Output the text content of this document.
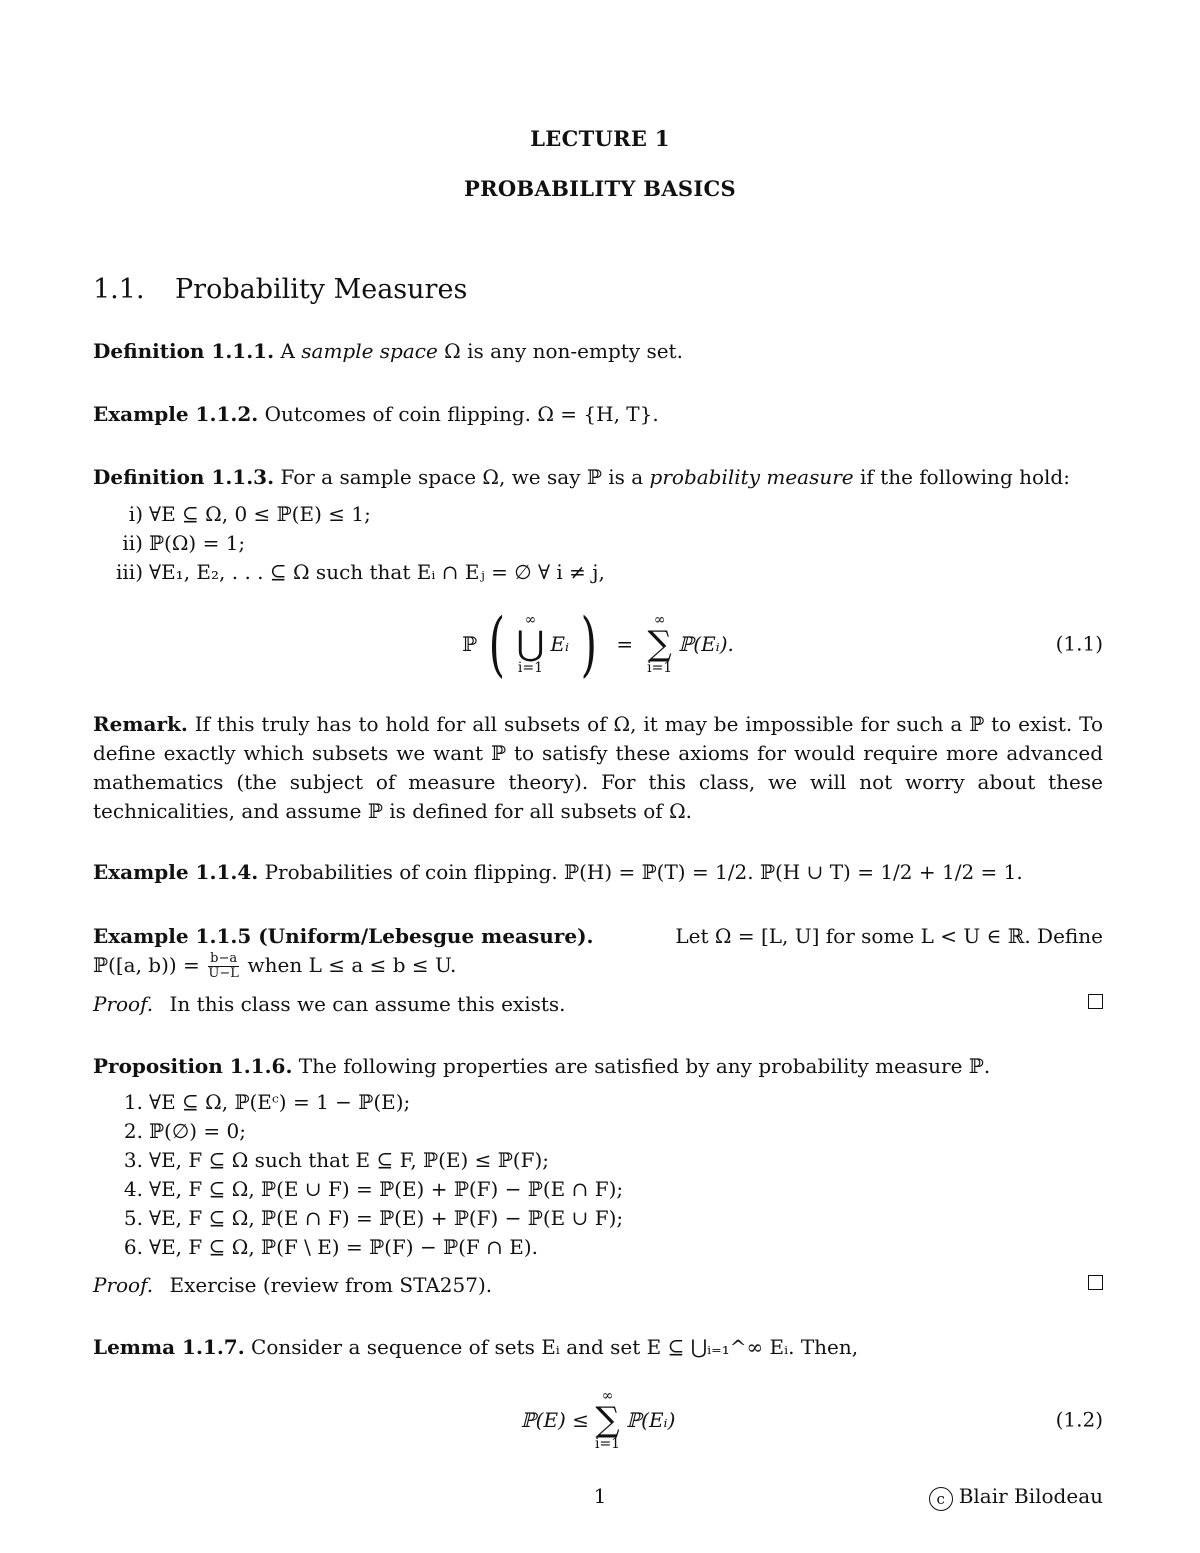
LECTURE 1
PROBABILITY BASICS
1.1. Probability Measures
Definition 1.1.1. A sample space Ω is any non-empty set.
Example 1.1.2. Outcomes of coin flipping. Ω = {H, T}.
Definition 1.1.3. For a sample space Ω, we say ℙ is a probability measure if the following hold:
i) ∀E ⊆ Ω, 0 ≤ ℙ(E) ≤ 1;
ii) ℙ(Ω) = 1;
iii) ∀E₁, E₂, . . . ⊆ Ω such that Eᵢ ∩ Eⱼ = ∅ ∀ i ≠ j,
ℙ ( ∞
⋃
i=1
Eᵢ ) =
∞
∑
i=1
ℙ(Eᵢ).	(1.1)
Remark. If this truly has to hold for all subsets of Ω, it may be impossible for such a ℙ to exist. To define exactly which subsets we want ℙ to satisfy these axioms for would require more advanced mathematics (the subject of measure theory). For this class, we will not worry about these technicalities, and assume ℙ is defined for all subsets of Ω.
Example 1.1.4. Probabilities of coin flipping. ℙ(H) = ℙ(T) = 1/2. ℙ(H ∪ T) = 1/2 + 1/2 = 1.
Example 1.1.5 (Uniform/Lebesgue measure).	Let Ω = [L, U] for some L < U ∈ ℝ. Define
ℙ([a, $b)) = \frac{b-a}{U-L}$ when L ≤ a ≤ b ≤ U.
Proof. In this class we can assume this exists.
Proposition 1.1.6. The following properties are satisfied by any probability measure ℙ.
1. ∀E ⊆ Ω, ℙ(Eᶜ) = 1 − ℙ(E);
2. ℙ(∅) = 0;
3. ∀E, F ⊆ Ω such that E ⊆ F, ℙ(E) ≤ ℙ(F);
4. ∀E, F ⊆ Ω, ℙ(E ∪ F) = ℙ(E) + ℙ(F) − ℙ(E ∩ F);
5. ∀E, F ⊆ Ω, ℙ(E ∩ F) = ℙ(E) + ℙ(F) − ℙ(E ∪ F);
6. ∀E, F ⊆ Ω, ℙ(F \ E) = ℙ(F) − ℙ(F ∩ E).
Proof. Exercise (review from STA257).
Lemma 1.1.7. Consider a sequence of sets Eᵢ and set E ⊆ ⋃ᵢ₌₁^∞ Eᵢ. Then,
ℙ(E) ≤
∞
∑
i=1
ℙ(Eᵢ)	(1.2)
1	c Blair Bilodeau
